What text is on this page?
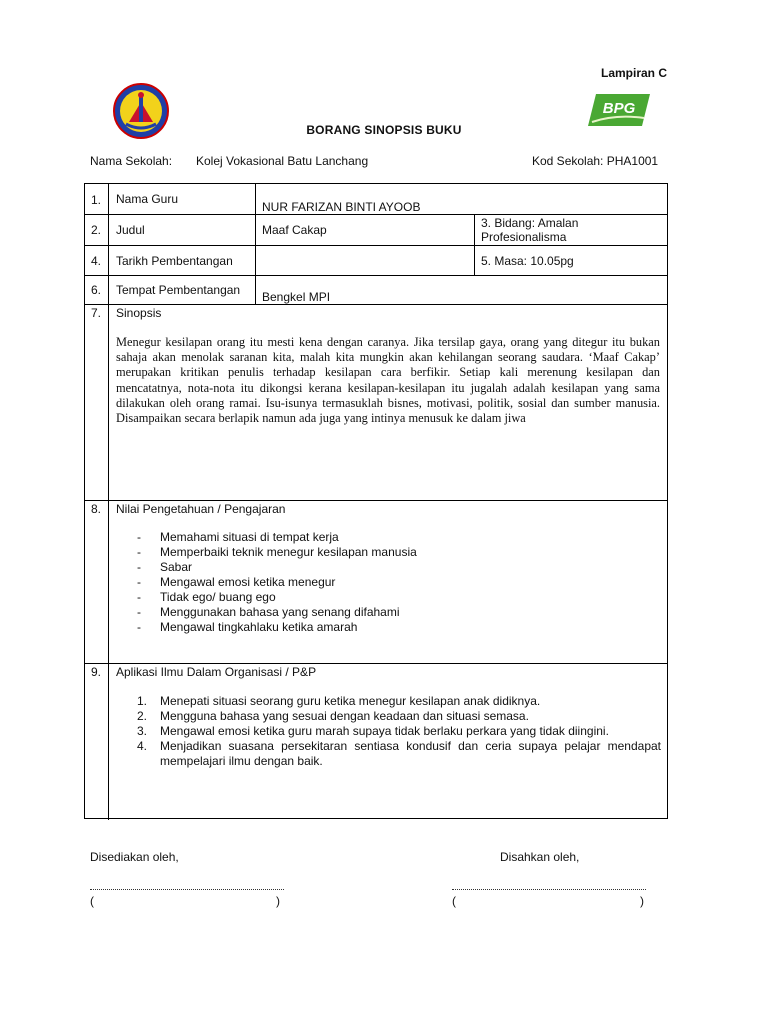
Lampiran C
BPG
BORANG SINOPSIS BUKU
Nama Sekolah: Kolej Vokasional Batu Lanchang	Kod Sekolah: PHA1001
1. Nama Guru
NUR FARIZAN BINTI AYOOB
2. Judul	Maaf Cakap	3. Bidang: Amalan Profesionalisma
4. Tarikh Pembentangan	5. Masa: 10.05pg
6. Tempat Pembentangan Bengkel MPI
7. Sinopsis
Menegur kesilapan orang itu mesti kena dengan caranya. Jika tersilap gaya, orang yang ditegur itu bukan sahaja akan menolak saranan kita, malah kita mungkin akan kehilangan seorang saudara. ‘Maaf Cakap’ merupakan kritikan penulis terhadap kesilapan cara berfikir. Setiap kali merenung kesilapan dan mencatatnya, nota-nota itu dikongsi kerana kesilapan-kesilapan itu jugalah adalah kesilapan yang sama dilakukan oleh orang ramai. Isu-isunya termasuklah bisnes, motivasi, politik, sosial dan sumber manusia. Disampaikan secara berlapik namun ada juga yang intinya menusuk ke dalam jiwa
8. Nilai Pengetahuan / Pengajaran
- Memahami situasi di tempat kerja
- Memperbaiki teknik menegur kesilapan manusia
- Sabar
- Mengawal emosi ketika menegur
- Tidak ego/ buang ego
- Menggunakan bahasa yang senang difahami
- Mengawal tingkahlaku ketika amarah
9. Aplikasi Ilmu Dalam Organisasi / P&P
1. Menepati situasi seorang guru ketika menegur kesilapan anak didiknya.
2. Mengguna bahasa yang sesuai dengan keadaan dan situasi semasa.
3. Mengawal emosi ketika guru marah supaya tidak berlaku perkara yang tidak diingini.
4. Menjadikan suasana persekitaran sentiasa kondusif dan ceria supaya pelajar mendapat mempelajari ilmu dengan baik.
Disediakan oleh,	Disahkan oleh,
(	)	(	)
